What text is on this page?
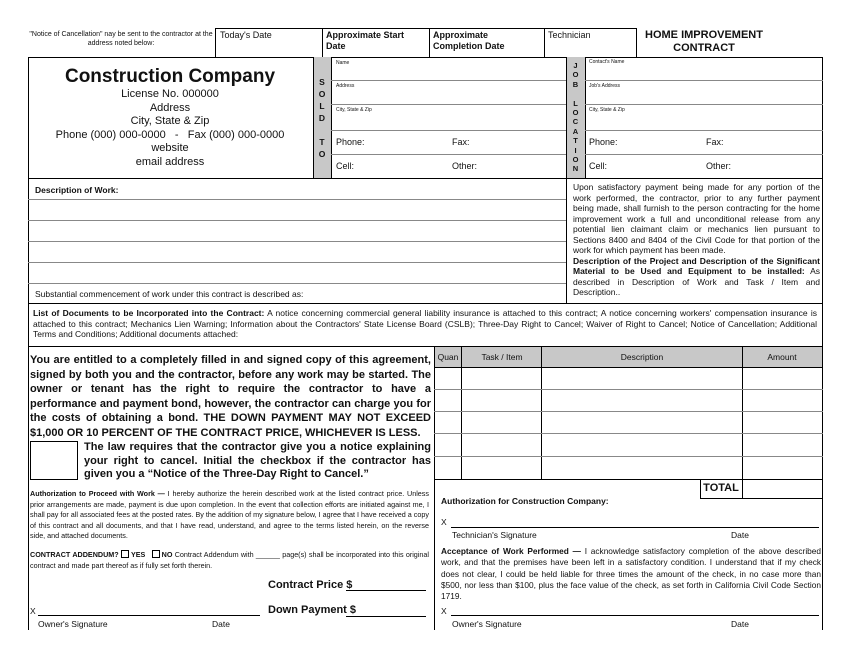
"Notice of Cancellation" nay be sent to the contractor at the address noted below:
Today's Date	Approximate Start Date
Approximate Completion Date
Technician	HOME IMPROVEMENT
CONTRACT
Construction Company
License No. 000000
Address
City, State & Zip
Phone (000) 000-0000   -   Fax (000) 000-0000
website
email address
S
O
L
D

T
O
Name
Address
City, State & Zip
Phone:	Fax:
Cell:	Other:
J
O
B

L
O
C
A
T
I
O
N
Contact's Name
Job's Address
City, State & Zip
Phone:	Fax:
Cell:	Other:
Description of Work:
Substantial commencement of work under this contract is described as:
Upon satisfactory payment being made for any portion of the work performed, the contractor, prior to any further payment being made, shall furnish to the person contracting for the home improvement work a full and unconditional release from any potential lien claimant claim or mechanics lien pursuant to Sections 8400 and 8404 of the Civil Code for that portion of the work for which payment has been made.
Description of the Project and Description of the Significant Material to be Used and Equipment to be installed: As described in Description of Work and Task / Item and Description..
List of Documents to be Incorporated into the Contract: A notice concerning commercial general liability insurance is attached to this contract; A notice concerning workers' compensation insurance is attached to this contract; Mechanics Lien Warning; Information about the Contractors' State License Board (CSLB); Three-Day Right to Cancel; Waiver of Right to Cancel; Notice of Cancellation; Additional Terms and Conditions; Additional documents attached:
You are entitled to a completely filled in and signed copy of this agreement, signed by both you and the contractor, before any work may be started. The owner or tenant has the right to require the contractor to have a performance and payment bond, however, the contractor can charge you for the costs of obtaining a bond. THE DOWN PAYMENT MAY NOT EXCEED $1,000 OR 10 PERCENT OF THE CONTRACT PRICE, WHICHEVER IS LESS.
The law requires that the contractor give you a notice explaining your right to cancel. Initial the checkbox if the contractor has given you a “Notice of the Three-Day Right to Cancel.”
Authorization to Proceed with Work — I hereby authorize the herein described work at the listed contract price. Unless prior arrangements are made, payment is due upon completion. In the event that collection efforts are initiated against me, I shall pay for all associated fees at the posted rates. By the addition of my signature below, I agree that I have received a copy of this contract and all documents, and that I have read, understand, and agree to the terms listed herein, on the reverse side, and attached documents.
CONTRACT ADDENDUM? YES NO Contract Addendum with ______ page(s) shall be incorporated into this original contract and made part thereof as if fully set forth therein.
Contract Price $
X	Down Payment $
Owner's Signature	Date
Quan	Task / Item	Description	Amount
TOTAL
Authorization for Construction Company:
X
Technician's Signature	Date
Acceptance of Work Performed — I acknowledge satisfactory completion of the above described work, and that the premises have been left in a satisfactory condition. I understand that if my check does not clear, I could be held liable for three times the amount of the check, in no case more than $500, nor less than $100, plus the face value of the check, as set forth in California Civil Code Section 1719.
X
Owner's Signature	Date
